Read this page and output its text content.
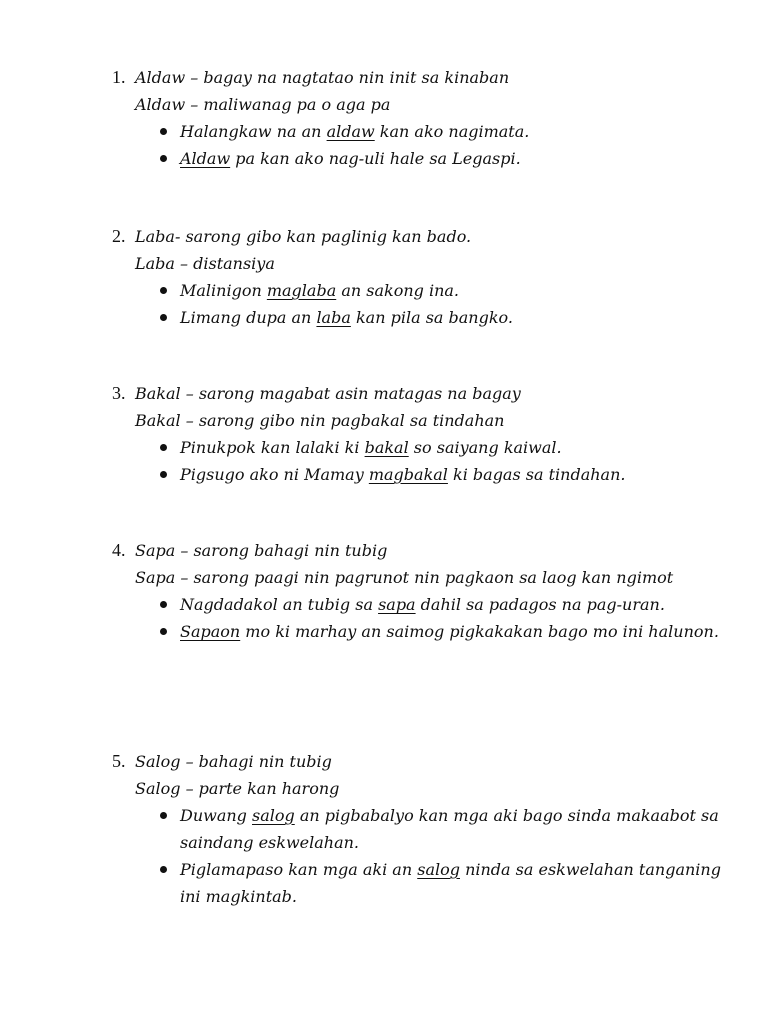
1. Aldaw – bagay na nagtatao nin init sa kinaban
Aldaw – maliwanag pa o aga pa
Halangkaw na an aldaw kan ako nagimata.
Aldaw pa kan ako nag-uli hale sa Legaspi.
2. Laba- sarong gibo kan paglinig kan bado.
Laba – distansiya
Malinigon maglaba an sakong ina.
Limang dupa an laba kan pila sa bangko.
3. Bakal – sarong magabat asin matagas na bagay
Bakal – sarong gibo nin pagbakal sa tindahan
Pinukpok kan lalaki ki bakal so saiyang kaiwal.
Pigsugo ako ni Mamay magbakal ki bagas sa tindahan.
4. Sapa – sarong bahagi nin tubig
Sapa – sarong paagi nin pagrunot nin pagkaon sa laog kan ngimot
Nagdadakol an tubig sa sapa dahil sa padagos na pag-uran.
Sapaon mo ki marhay an saimog pigkakakan bago mo ini halunon.
5. Salog – bahagi nin tubig
Salog – parte kan harong
Duwang salog an pigbabalyo kan mga aki bago sinda makaabot sa saindang eskwelahan.
Piglamapaso kan mga aki an salog ninda sa eskwelahan tanganing ini magkintab.
